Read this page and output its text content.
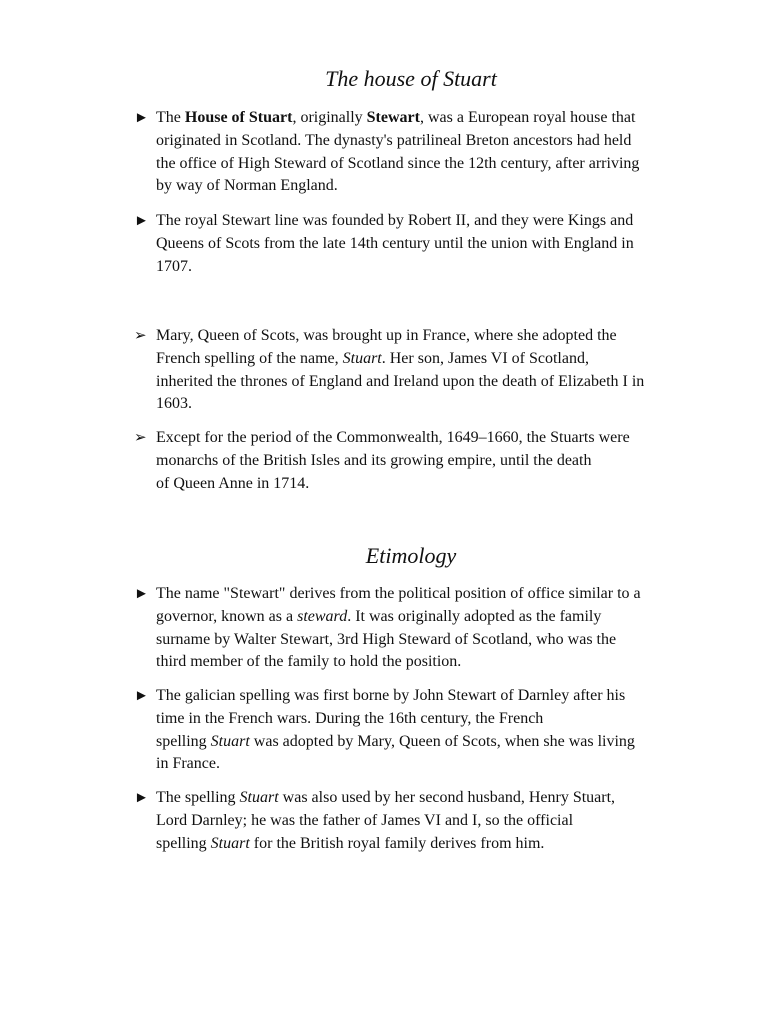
The house of Stuart
► The House of Stuart, originally Stewart, was a European royal house that
originated in Scotland. The dynasty's patrilineal Breton ancestors had held
the office of High Steward of Scotland since the 12th century, after arriving
by way of Norman England.
► The royal Stewart line was founded by Robert II, and they were Kings and
Queens of Scots from the late 14th century until the union with England in
1707.
➢ Mary, Queen of Scots, was brought up in France, where she adopted the
French spelling of the name, Stuart. Her son, James VI of Scotland,
inherited the thrones of England and Ireland upon the death of Elizabeth I in
1603.
➢ Except for the period of the Commonwealth, 1649–1660, the Stuarts were
monarchs of the British Isles and its growing empire, until the death
of Queen Anne in 1714.
Etimology
► The name "Stewart" derives from the political position of office similar to a
governor, known as a steward. It was originally adopted as the family
surname by Walter Stewart, 3rd High Steward of Scotland, who was the
third member of the family to hold the position.
► The galician spelling was first borne by John Stewart of Darnley after his
time in the French wars. During the 16th century, the French
spelling Stuart was adopted by Mary, Queen of Scots, when she was living
in France.
► The spelling Stuart was also used by her second husband, Henry Stuart,
Lord Darnley; he was the father of James VI and I, so the official
spelling Stuart for the British royal family derives from him.
